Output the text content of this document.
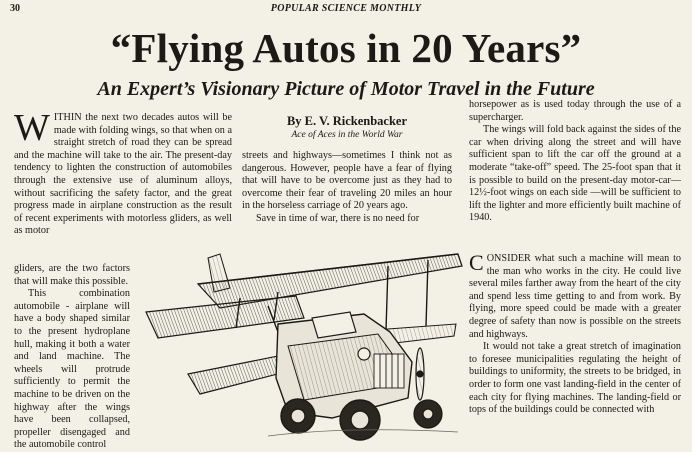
30	POPULAR SCIENCE MONTHLY
“Flying Autos in 20 Years”
An Expert’s Visionary Picture of Motor Travel in the Future

WITHIN the next two decades autos will be made with folding wings, so that when on a straight stretch of road they can be spread and the machine will take to the air. The present-day tendency to lighten the construction of automobiles through the extensive use of aluminum alloys, without sacrificing the safety factor, and the great progress made in airplane construction as the result of recent experiments with motorless gliders, as well as motor

gliders, are the two factors that will make this possible.

This combination automobile - airplane will have a body shaped similar to the present hydroplane hull, making it both a water and land machine. The wheels will protrude sufficiently to permit the machine to be driven on the highway after the wings have been collapsed, propeller disengaged and the automobile control

By E. V. Rickenbacker
Ace of Aces in the World War

streets and highways—sometimes I think not as dangerous. However, people have a fear of flying that will have to be overcome just as they had to overcome their fear of traveling 20 miles an hour in the horseless carriage of 20 years ago.

Save in time of war, there is no need for

horsepower as is used today through the use of a supercharger.

The wings will fold back against the sides of the car when driving along the street and will have sufficient span to lift the car off the ground at a moderate “take-off” speed. The 25-foot span that it is possible to build on the present-day motor-car—12½-foot wings on each side —will be sufficient to lift the lighter and more efficiently built machine of 1940.

CONSIDER what such a machine will mean to the man who works in the city. He could live several miles farther away from the heart of the city and spend less time getting to and from work. By flying, more speed could be made with a greater degree of safety than now is possible on the streets and highways.

It would not take a great stretch of imagination to foresee municipalities regulating the height of buildings to uniformity, the streets to be bridged, in order to form one vast landing-field in the center of each city for flying machines. The landing-field or tops of the buildings could be connected with
